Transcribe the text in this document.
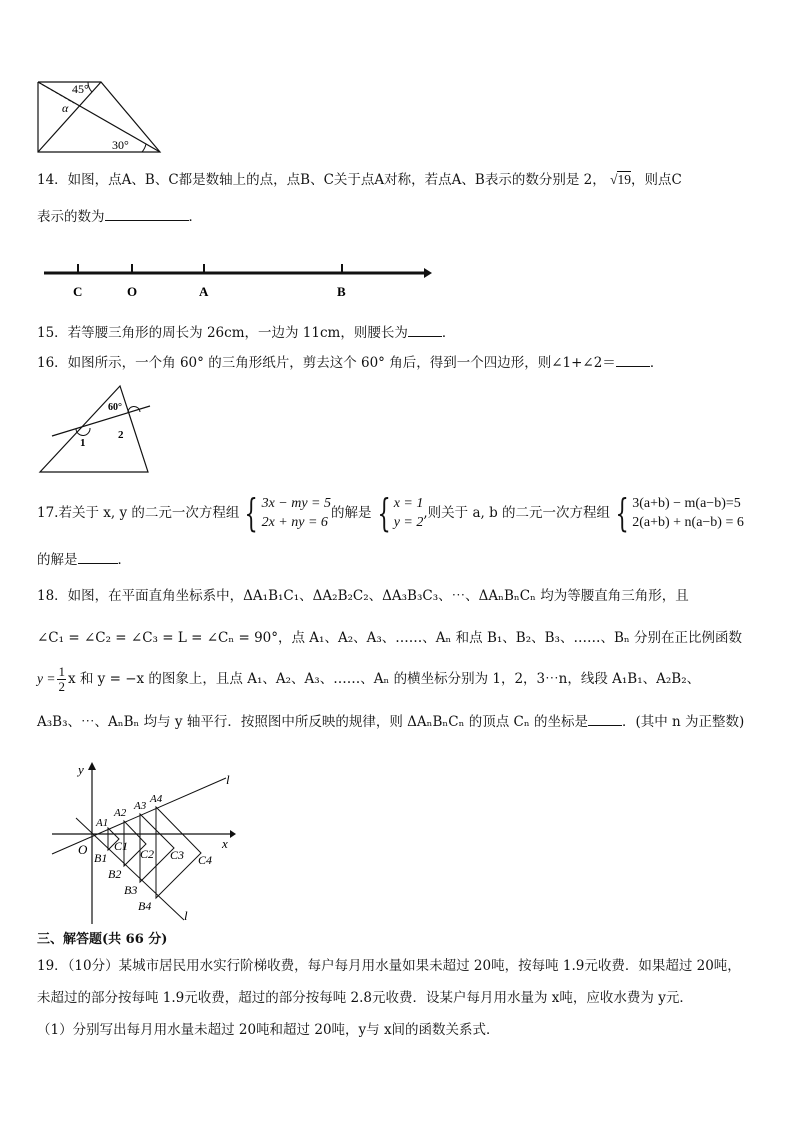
45°
α
30°
14．如图，点A、B、C都是数轴上的点，点B、C关于点A对称，若点A、B表示的数分别是 2， √19，则点C
表示的数为	．
C	O	A	B
15．若等腰三角形的周长为 26cm，一边为 11cm，则腰长为	．
16．如图所示，一个角 60° 的三角形纸片，剪去这个 60° 角后，得到一个四边形，则∠1+∠2＝	．
60°
1
2
17.若关于 x, y 的二元一次方程组 { 3x − my = 5
2x + ny = 6
的解是 { x = 1
y = 2
,则关于 a, b 的二元一次方程组 { 3(a+b) − m(a−b)=5
2(a+b) + n(a−b) = 6
的解是	．
18．如图，在平面直角坐标系中，ΔA₁B₁C₁、ΔA₂B₂C₂、ΔA₃B₃C₃、⋯、ΔAₙBₙCₙ 均为等腰直角三角形，且
∠C₁ = ∠C₂ = ∠C₃ = L = ∠Cₙ = 90°，点 A₁、A₂、A₃、……、Aₙ 和点 B₁、B₂、B₃、……、Bₙ 分别在正比例函数
$y = \frac{1}{2}$ x 和 y = −x 的图象上，且点 A₁、A₂、A₃、……、Aₙ 的横坐标分别为 1，2，3⋯n，线段 A₁B₁、A₂B₂、
A₃B₃、⋯、AₙBₙ 均与 y 轴平行．按照图中所反映的规律，则 ΔAₙBₙCₙ 的顶点 Cₙ 的坐标是	．(其中 n 为正整数)
y
x
O
l
l
A1
A2
A3
A4
B1
B2
B3
B4
C1
C2 C3 C4
三、解答题(共 66 分)
19．（10分）某城市居民用水实行阶梯收费，每户每月用水量如果未超过 20吨，按每吨 1.9元收费．如果超过 20吨，
未超过的部分按每吨 1.9元收费，超过的部分按每吨 2.8元收费．设某户每月用水量为 x吨，应收水费为 y元．
（1）分别写出每月用水量未超过 20吨和超过 20吨，y与 x间的函数关系式．
